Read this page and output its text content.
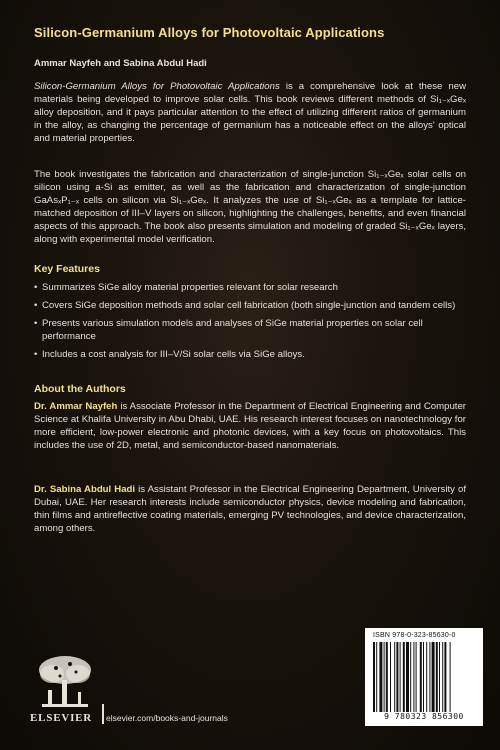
Silicon-Germanium Alloys for Photovoltaic Applications
Ammar Nayfeh and Sabina Abdul Hadi
Silicon-Germanium Alloys for Photovoltaic Applications is a comprehensive look at these new materials being developed to improve solar cells. This book reviews different methods of Si₁₋ₓGeₓ alloy deposition, and it pays particular attention to the effect of utilizing different ratios of germanium in the alloy, as changing the percentage of germanium has a noticeable effect on the alloys' optical and material properties.
The book investigates the fabrication and characterization of single-junction Si₁₋ₓGeₓ solar cells on silicon using a-Si as emitter, as well as the fabrication and characterization of single-junction GaAsₓP₁₋ₓ cells on silicon via Si₁₋ₓGeₓ. It analyzes the use of Si₁₋ₓGeₓ as a template for lattice-matched deposition of III–V layers on silicon, highlighting the challenges, benefits, and even financial aspects of this approach. The book also presents simulation and modeling of graded Si₁₋ₓGeₓ layers, along with experimental model verification.
Key Features
• Summarizes SiGe alloy material properties relevant for solar research
• Covers SiGe deposition methods and solar cell fabrication (both single-junction and tandem cells)
• Presents various simulation models and analyses of SiGe material properties on solar cell performance
• Includes a cost analysis for III–V/Si solar cells via SiGe alloys.
About the Authors
Dr. Ammar Nayfeh is Associate Professor in the Department of Electrical Engineering and Computer Science at Khalifa University in Abu Dhabi, UAE. His research interest focuses on nanotechnology for more efficient, low-power electronic and photonic devices, with a key focus on photovoltaics. This includes the use of 2D, metal, and semiconductor-based nanomaterials.
Dr. Sabina Abdul Hadi is Assistant Professor in the Electrical Engineering Department, University of Dubai, UAE. Her research interests include semiconductor physics, device modeling and fabrication, thin films and antireflective coating materials, emerging PV technologies, and device characterization, among others.
ISBN 978-0-323-85630-0
9 780323 856300
ELSEVIER elsevier.com/books-and-journals
